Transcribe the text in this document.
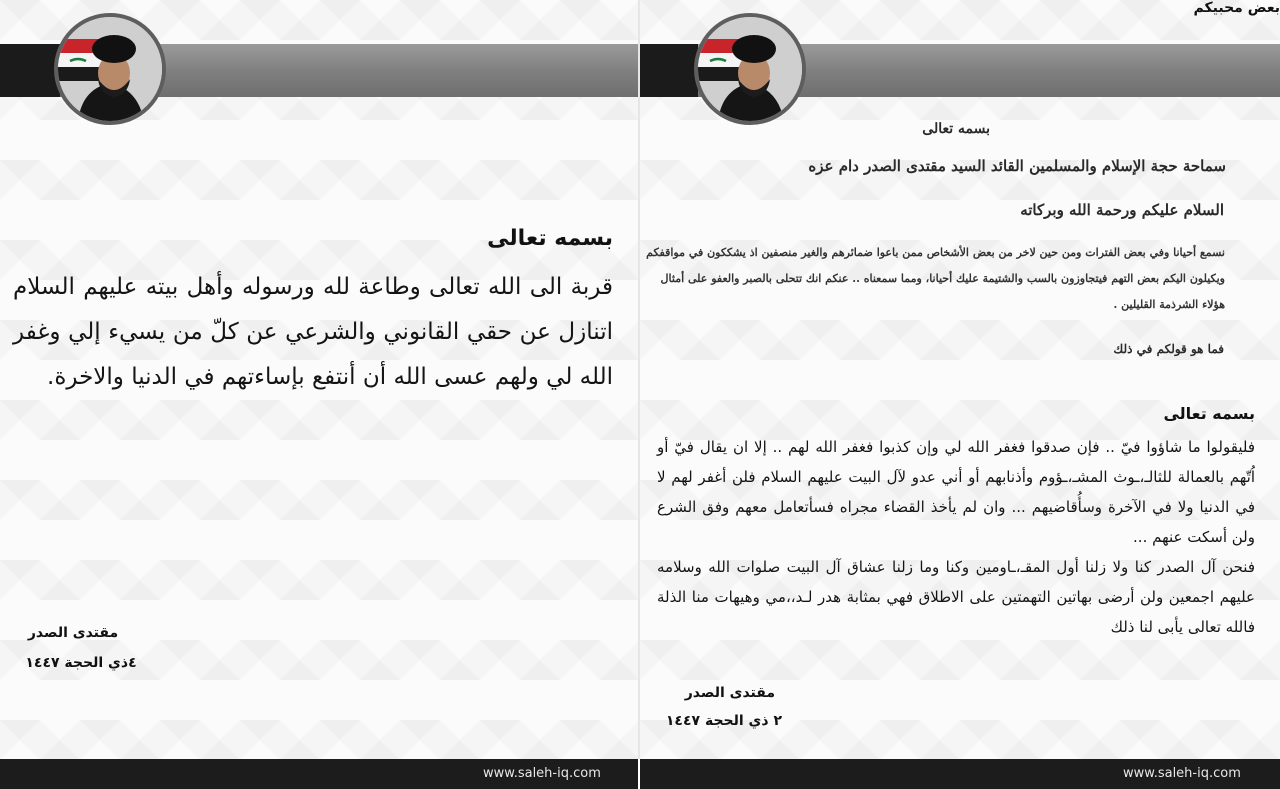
بسمه تعالى
قربة الى الله تعالى وطاعة لله ورسوله وأهل بيته عليهم السلام اتنازل عن حقي القانوني والشرعي عن كلّ من يسيء إلي وغفر الله لي ولهم عسى الله أن أنتفع بإساءتهم في الدنيا والاخرة.
مقتدى الصدر
٤ذي الحجة ١٤٤٧
بسمه تعالى
سماحة حجة الإسلام والمسلمين القائد السيد مقتدى الصدر دام عزه
السلام عليكم ورحمة الله وبركاته
نسمع أحيانا وفي بعض الفترات ومن حين لاخر من بعض الأشخاص ممن باعوا ضمائرهم والغير منصفين اذ يشككون في مواقفكم ويكيلون اليكم بعض التهم فيتجاوزون بالسب والشتيمة عليك أحيانا، ومما سمعناه .. عنكم انك تتحلى بالصبر والعفو على أمثال هؤلاء الشرذمة القليلين .
فما هو قولكم في ذلك
بعض محبيكم
بسمه تعالى
فليقولوا ما شاؤوا فيّ .. فإن صدقوا فغفر الله لي وإن كذبوا فغفر الله لهم .. إلا ان يقال فيّ أو اُتّهم بالعمالة للثالـ،ـوث المشـ،ـؤوم وأذنابهم أو أني عدو لآل البيت عليهم السلام فلن أغفر لهم لا في الدنيا ولا في الآخرة وسأُقاضيهم ... وان لم يأخذ القضاء مجراه فسأتعامل معهم وفق الشرع ولن أسكت عنهم ...
فنحن آل الصدر كنا ولا زلنا أول المقـ،ـاومين وكنا وما زلنا عشاق آل البيت صلوات الله وسلامه عليهم اجمعين ولن أرضى بهاتين التهمتين على الاطلاق فهي بمثابة هدر لـد،،مي وهيهات منا الذلة فالله تعالى يأبى لنا ذلك
مقتدى الصدر
٢ ذي الحجة ١٤٤٧
www.saleh-iq.com	www.saleh-iq.com
